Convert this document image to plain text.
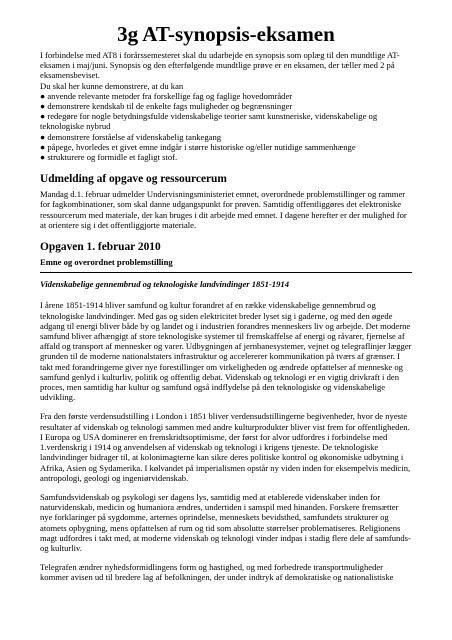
3g AT-synopsis-eksamen

I forbindelse med AT8 i forårssemesteret skal du udarbejde en synopsis som oplæg til den mundtlige AT-eksamen i maj/juni. Synopsis og den efterfølgende mundtlige prøve er en eksamen, der tæller med 2 på eksamensbeviset.

Du skal her kunne demonstrere, at du kan

● anvende relevante metoder fra forskellige fag og faglige hovedområder
● demonstrere kendskab til de enkelte fags muligheder og begrænsninger
● redegøre for nogle betydningsfulde videnskabelige teorier samt kunstneriske, videnskabelige og teknologiske nybrud
● demonstrere forståelse af videnskabelig tankegang
● påpege, hvorledes et givet emne indgår i større historiske og/eller nutidige sammenhænge
● strukturere og formidle et fagligt stof.
Udmelding af opgave og ressourcerum

Mandag d.1. februar udmelder Undervisningsministeriet emnet, overordnede problemstillinger og rammer for fagkombinationer, som skal danne udgangspunkt for prøven. Samtidig offentliggøres det elektroniske ressourcerum med materiale, der kan bruges i dit arbejde med emnet. I dagene herefter er der mulighed for at orientere sig i det offentliggjorte materiale.

Opgaven 1. februar 2010
Emne og overordnet problemstilling
Videnskabelige gennembrud og teknologiske landvindinger 1851-1914

I årene 1851-1914 bliver samfund og kultur forandret af en række videnskabelige gennembrud og teknologiske landvindinger. Med gas og siden elektricitet breder lyset sig i gaderne, og med den øgede adgang til energi bliver både by og landet og i industrien forandres menneskers liv og arbejde. Det moderne samfund bliver afhængigt af store teknologiske systemer til fremskaffelse af energi og råvarer, fjernelse af affald og transport af mennesker og varer. Udbygningen af jernbanesystemer, vejnet og telegraflinjer lægger grunden til de moderne nationalstaters infrastruktur og accelererer kommunikation på tværs af grænser. I takt med forandringerne giver nye forestillinger om virkeligheden og ændrede opfattelser af menneske og samfund genlyd i kulturliv, politik og offentlig debat. Videnskab og teknologi er en vigtig drivkraft i den proces, men samtidig har kultur og samfund også indflydelse på den teknologiske og videnskabelige udvikling.

Fra den første verdensudstilling i London i 1851 bliver verdensudstillingerne begivenheder, hvor de nyeste resultater af videnskab og teknologi sammen med andre kulturprodukter bliver vist frem for offentligheden. I Europa og USA dominerer en fremskridtsoptimisme, der først for alvor udfordres i forbindelse med 1.verdenskrig i 1914 og anvendelsen af videnskab og teknologi i krigens tjeneste. De teknologiske landvindinger bidrager til, at kolonimagterne kan sikre deres politiske kontrol og økonomiske udbytning i Afrika, Asien og Sydamerika. I kølvandet på imperialismen opstår ny viden inden for eksempelvis medicin, antropologi, geologi og ingeniørvidenskab.

Samfundsvidenskab og psykologi ser dagens lys, samtidig med at etablerede videnskaber inden for naturvidenskab, medicin og humaniora ændres, undertiden i samspil med hinanden. Forskere fremsætter nye forklaringer på sygdomme, arternes oprindelse, menneskets bevidsthed, samfundets strukturer og atomets opbygning, mens opfattelsen af rum og tid som absolutte størrelser problematiseres. Religionens magt udfordres i takt med, at moderne videnskab og teknologi vinder indpas i stadig flere dele af samfunds- og kulturliv.

Telegrafen ændrer nyhedsformidlingens form og hastighed, og med forbedrede transportmuligheder kommer avisen ud til bredere lag af befolkningen, der under indtryk af demokratiske og nationalistiske
